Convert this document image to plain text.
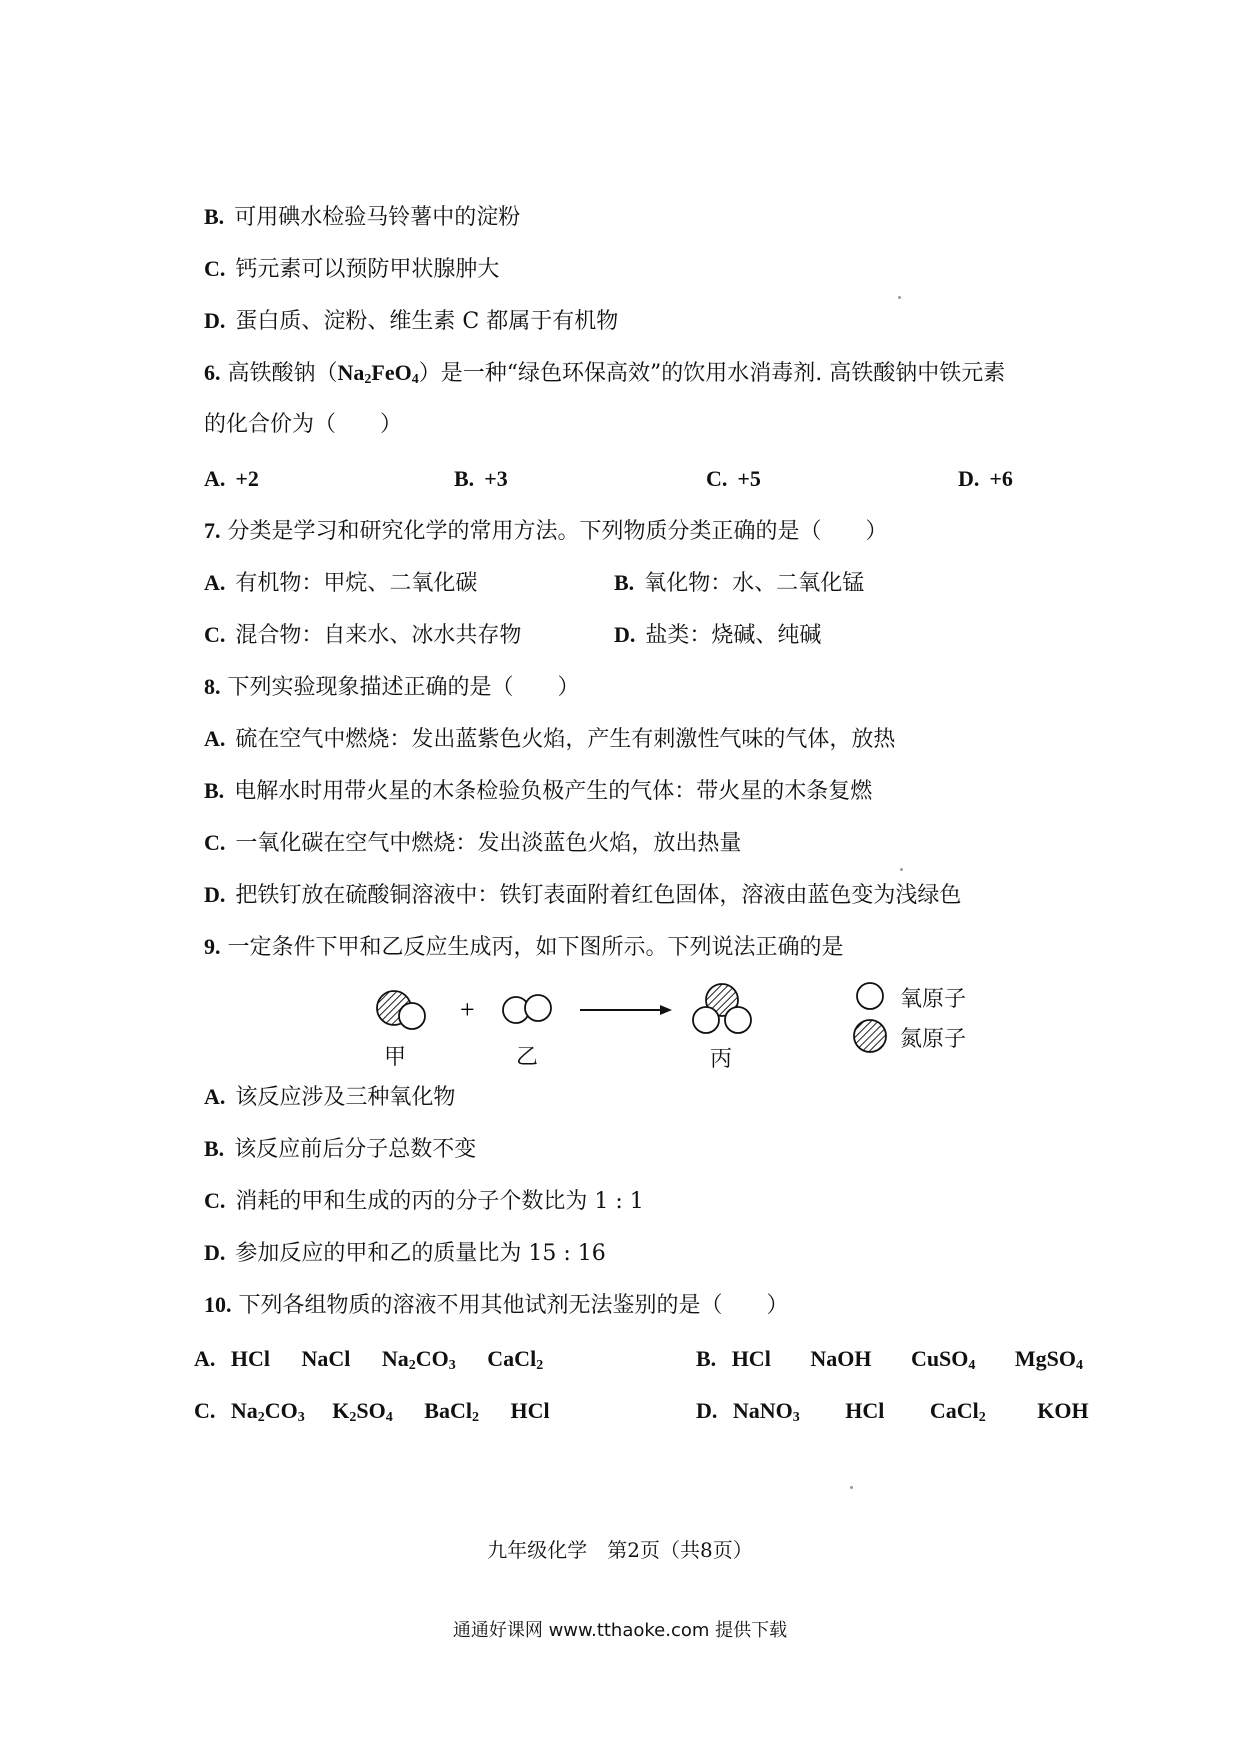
B. 可用碘水检验马铃薯中的淀粉
C. 钙元素可以预防甲状腺肿大
D. 蛋白质、淀粉、维生素 C 都属于有机物
6. 高铁酸钠$(Na_2FeO_4)$是一种“绿色环保高效”的饮用水消毒剂. 高铁酸钠中铁元素
的化合价为（　　）
A. +2	B. +3	C. +5	D. +6
7. 分类是学习和研究化学的常用方法。下列物质分类正确的是（　　）
A. 有机物：甲烷、二氧化碳	B. 氧化物：水、二氧化锰
C. 混合物：自来水、冰水共存物	D. 盐类：烧碱、纯碱
8. 下列实验现象描述正确的是（　　）
A. 硫在空气中燃烧：发出蓝紫色火焰，产生有刺激性气味的气体，放热
B. 电解水时用带火星的木条检验负极产生的气体：带火星的木条复燃
C. 一氧化碳在空气中燃烧：发出淡蓝色火焰，放出热量
D. 把铁钉放在硫酸铜溶液中：铁钉表面附着红色固体，溶液由蓝色变为浅绿色
9. 一定条件下甲和乙反应生成丙，如下图所示。下列说法正确的是
+
甲	乙	丙
氧原子
氮原子
A. 该反应涉及三种氧化物
B. 该反应前后分子总数不变
C. 消耗的甲和生成的丙的分子个数比为 1 : 1
D. 参加反应的甲和乙的质量比为 15 : 16
10. 下列各组物质的溶液不用其他试剂无法鉴别的是（　　）
A. HCl NaCl $Na_2CO_3$ CaCl$_2$	B. HCl NaOH CuSO$_4$ MgSO$_4$
C. $Na_2CO_3$ $K_2SO_4$ BaCl$_2$ HCl	D. NaNO$_3$ HCl CaCl$_2$ KOH
九年级化学　第2页（共8页）
通通好课网 www.tthaoke.com 提供下载
